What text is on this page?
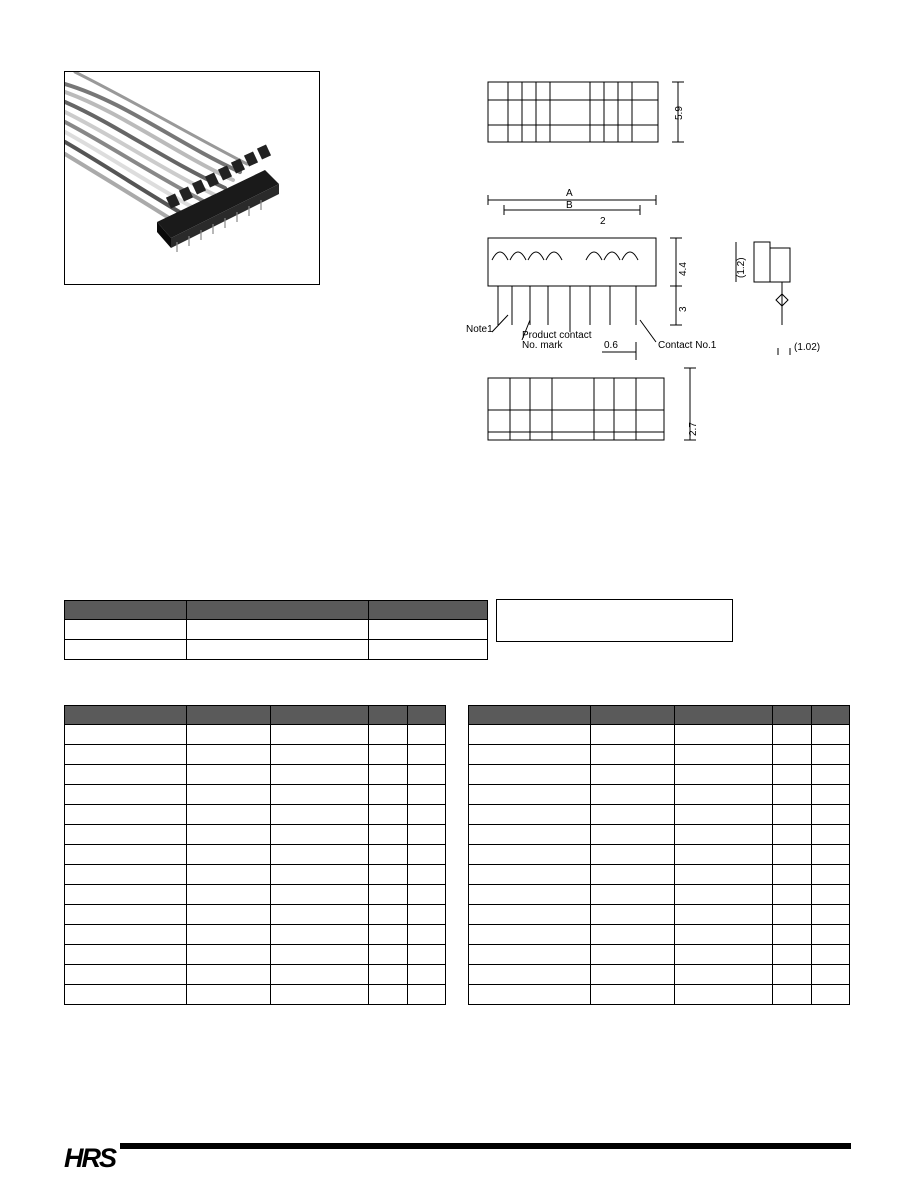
5.9
A
B
2
4.4
3
(1.2)
Note1
Product contact
No. mark	0.6	Contact No.1	(1.02)
2.7

HRS
